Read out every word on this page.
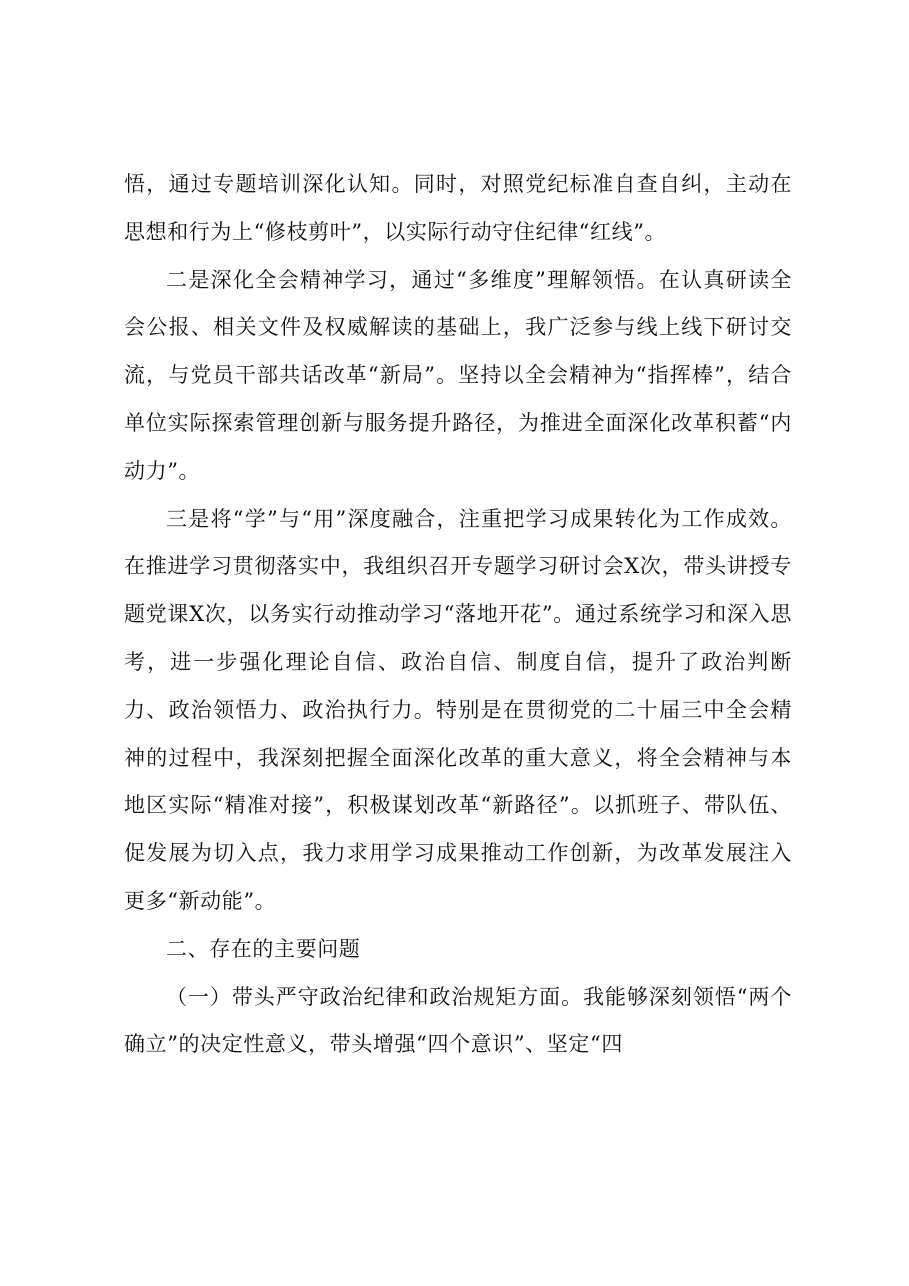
悟，通过专题培训深化认知。同时，对照党纪标准自查自纠，主动在思想和行为上“修枝剪叶”，以实际行动守住纪律“红线”。

二是深化全会精神学习，通过“多维度”理解领悟。在认真研读全会公报、相关文件及权威解读的基础上，我广泛参与线上线下研讨交流，与党员干部共话改革“新局”。坚持以全会精神为“指挥棒”，结合单位实际探索管理创新与服务提升路径，为推进全面深化改革积蓄“内动力”。

三是将“学”与“用”深度融合，注重把学习成果转化为工作成效。在推进学习贯彻落实中，我组织召开专题学习研讨会X次，带头讲授专题党课X次，以务实行动推动学习“落地开花”。通过系统学习和深入思考，进一步强化理论自信、政治自信、制度自信，提升了政治判断力、政治领悟力、政治执行力。特别是在贯彻党的二十届三中全会精神的过程中，我深刻把握全面深化改革的重大意义，将全会精神与本地区实际“精准对接”，积极谋划改革“新路径”。以抓班子、带队伍、促发展为切入点，我力求用学习成果推动工作创新，为改革发展注入更多“新动能”。

二、存在的主要问题

（一）带头严守政治纪律和政治规矩方面。我能够深刻领悟“两个确立”的决定性意义，带头增强“四个意识”、坚定“四
